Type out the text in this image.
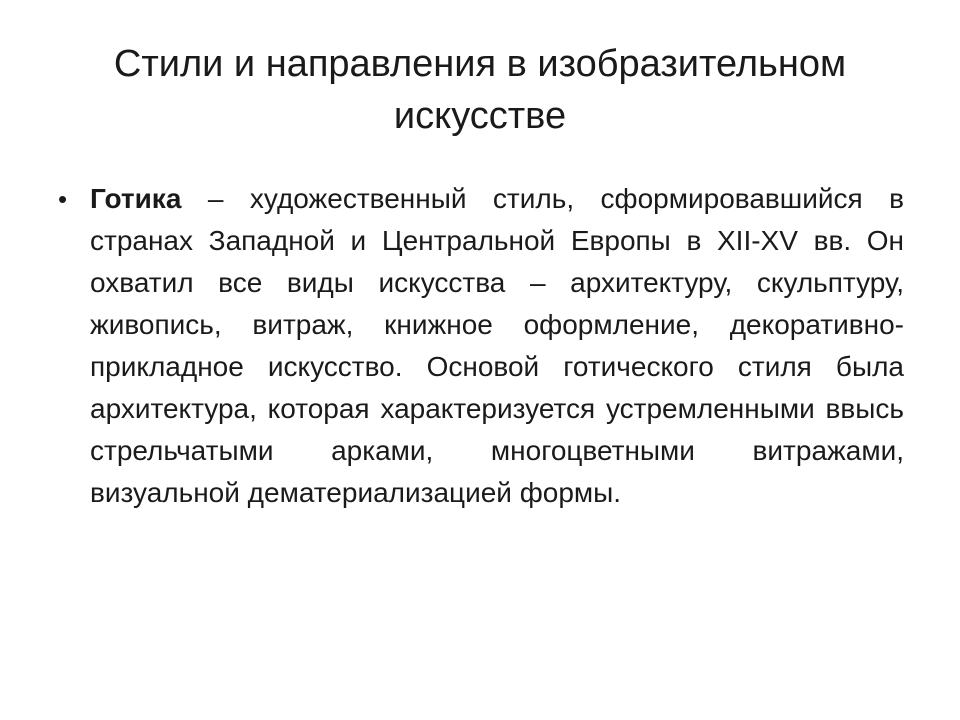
Стили и направления в изобразительном искусстве
• Готика – художественный стиль, сформировавшийся в странах Западной и Центральной Европы в XII-XV вв. Он охватил все виды искусства – архитектуру, скульптуру, живопись, витраж, книжное оформление, декоративно-прикладное искусство. Основой готического стиля была архитектура, которая характеризуется устремленными ввысь стрельчатыми арками, многоцветными витражами, визуальной дематериализацией формы.
